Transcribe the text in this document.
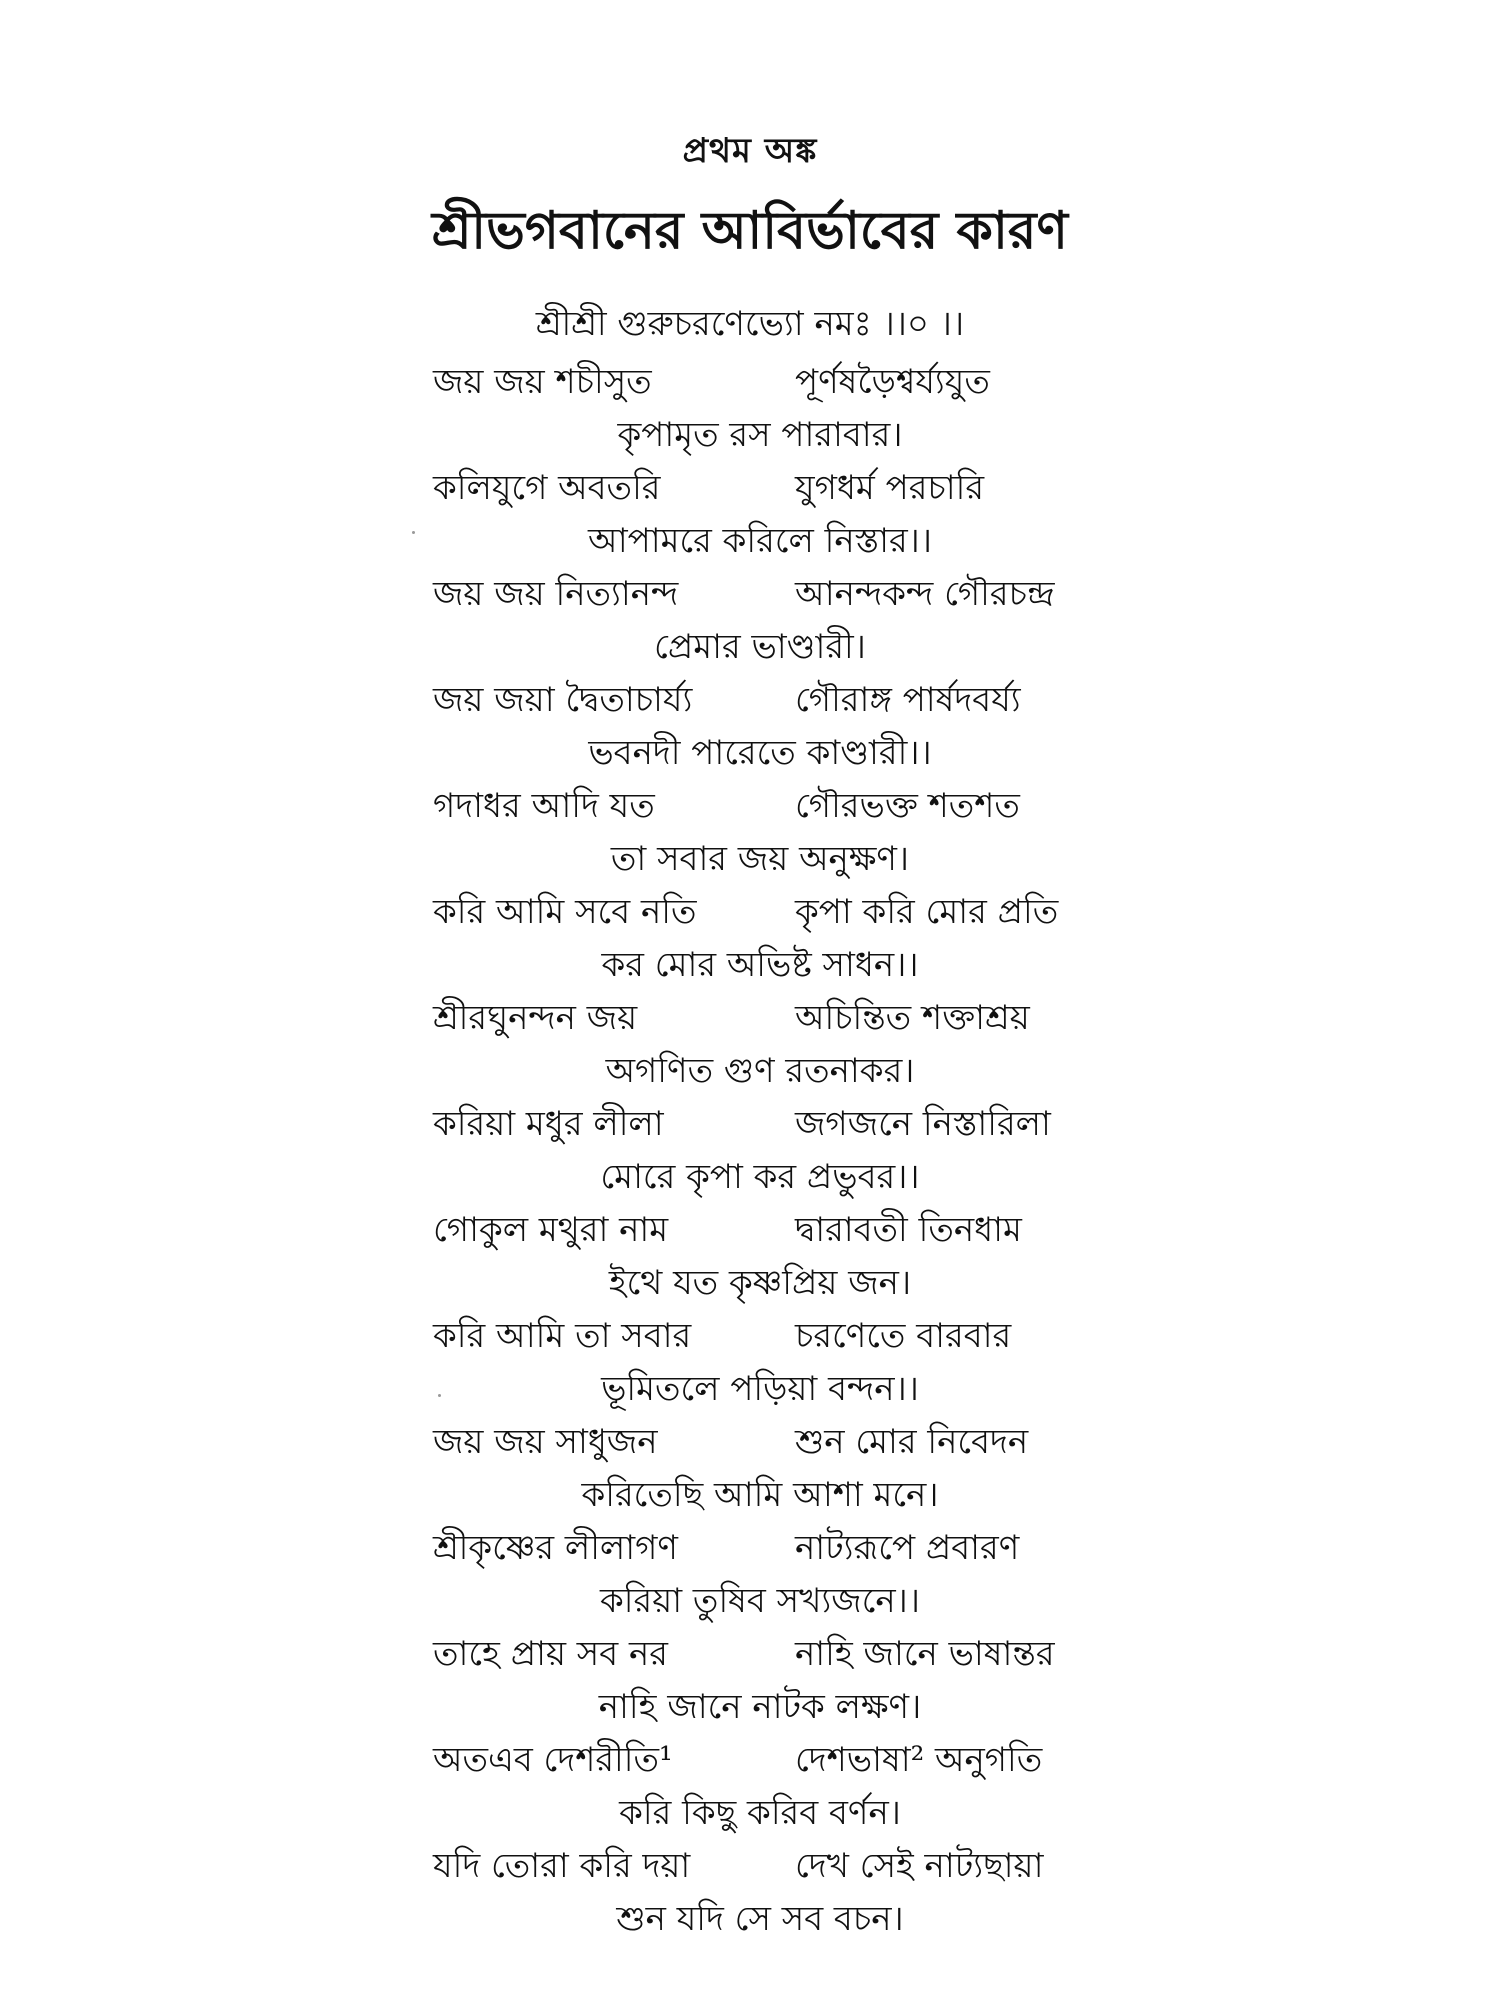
প্রথম অঙ্ক
শ্রীভগবানের আবির্ভাবের কারণ
শ্রীশ্রী গুরুচরণেভ্যো নমঃ ।।০ ।।
জয় জয় শচীসুত	পূর্ণষড়ৈশ্বর্য্যযুত
কৃপামৃত রস পারাবার।
কলিযুগে অবতরি	যুগধর্ম পরচারি
আপামরে করিলে নিস্তার।।
জয় জয় নিত্যানন্দ	আনন্দকন্দ গৌরচন্দ্র
প্রেমার ভাণ্ডারী।
জয় জয়া দ্বৈতাচার্য্য	গৌরাঙ্গ পার্ষদবর্য্য
ভবনদী পারেতে কাণ্ডারী।।
গদাধর আদি যত	গৌরভক্ত শতশত
তা সবার জয় অনুক্ষণ।
করি আমি সবে নতি	কৃপা করি মোর প্রতি
কর মোর অভিষ্ট সাধন।।
শ্রীরঘুনন্দন জয়	অচিন্তিত শক্তাশ্রয়
অগণিত গুণ রতনাকর।
করিয়া মধুর লীলা	জগজনে নিস্তারিলা
মোরে কৃপা কর প্রভুবর।।
গোকুল মথুরা নাম	দ্বারাবতী তিনধাম
ইথে যত কৃষ্ণপ্রিয় জন।
করি আমি তা সবার	চরণেতে বারবার
ভূমিতলে পড়িয়া বন্দন।।
জয় জয় সাধুজন	শুন মোর নিবেদন
করিতেছি আমি আশা মনে।
শ্রীকৃষ্ণের লীলাগণ	নাট্যরূপে প্রবারণ
করিয়া তুষিব সখ্যজনে।।
তাহে প্রায় সব নর	নাহি জানে ভাষান্তর
নাহি জানে নাটক লক্ষণ।
অতএব দেশরীতি¹	দেশভাষা² অনুগতি
করি কিছু করিব বর্ণন।
যদি তোরা করি দয়া	দেখ সেই নাট্যছায়া
শুন যদি সে সব বচন।
